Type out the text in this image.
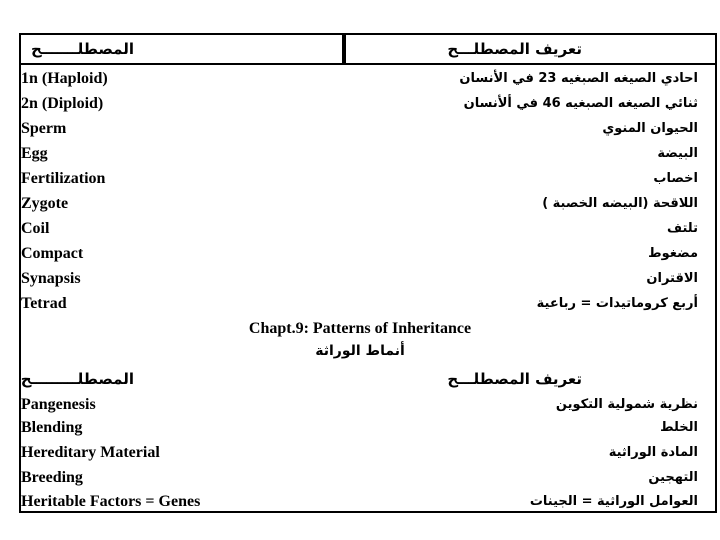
المصطلـــــــح	تعريف المصطلـــح
1n (Haploid)	احادي الصيغه الصبغيه 23 في الأنسان
2n (Diploid)	ثنائي الصيغه الصبغيه 46 في ألأنسان
Sperm	الحيوان المنوي
Egg	البيضة
Fertilization	اخصاب
Zygote	اللاقحة (البيضه الخصبة )
Coil	تلتف
Compact	مضغوط
Synapsis	الاقتران
Tetrad	أربع كروماتيدات = رباعية
Chapt.9: Patterns of Inheritance
أنماط الوراثة
المصطلـــــــــح	تعريف المصطلـــح
Pangenesis	نظرية شمولية التكوين
Blending	الخلط
Hereditary Material	المادة الوراثية
Breeding	التهجين
Heritable Factors = Genes	العوامل الوراثية = الجينات
